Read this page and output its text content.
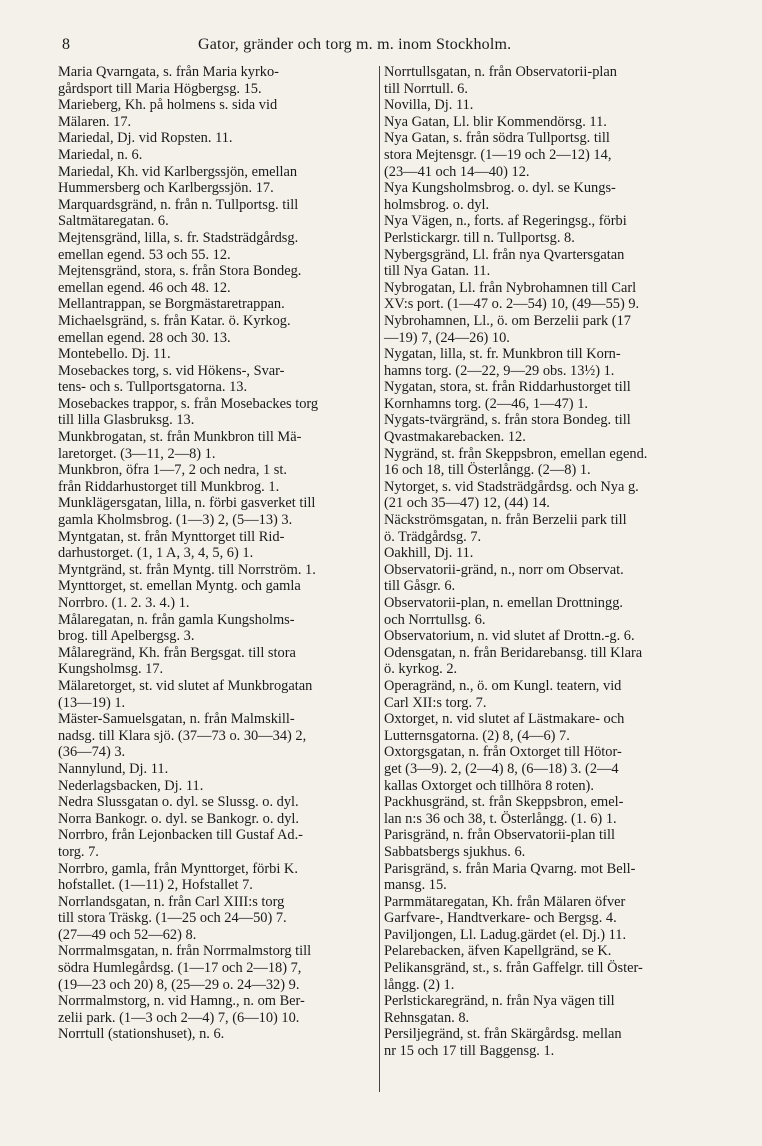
8	Gator, gränder och torg m. m. inom Stockholm.

Maria Qvarngata, s. från Maria kyrko-
gårdsport till Maria Högbergsg. 15.

Marieberg, Kh. på holmens s. sida vid
Mälaren. 17.

Mariedal, Dj. vid Ropsten. 11.

Mariedal, n. 6.

Mariedal, Kh. vid Karlbergssjön, emellan
Hummersberg och Karlbergssjön. 17.

Marquardsgränd, n. från n. Tullportsg. till
Saltmätaregatan. 6.

Mejtensgränd, lilla, s. fr. Stadsträdgårdsg.
emellan egend. 53 och 55. 12.

Mejtensgränd, stora, s. från Stora Bondeg.
emellan egend. 46 och 48. 12.

Mellantrappan, se Borgmästaretrappan.

Michaelsgränd, s. från Katar. ö. Kyrkog.
emellan egend. 28 och 30. 13.

Montebello. Dj. 11.

Mosebackes torg, s. vid Hökens-, Svar-
tens- och s. Tullportsgatorna. 13.

Mosebackes trappor, s. från Mosebackes torg
till lilla Glasbruksg. 13.

Munkbrogatan, st. från Munkbron till Mä-
laretorget. (3—11, 2—8) 1.

Munkbron, öfra 1—7, 2 och nedra, 1 st.
från Riddarhustorget till Munkbrog. 1.

Munklägersgatan, lilla, n. förbi gasverket till
gamla Kholmsbrog. (1—3) 2, (5—13) 3.

Myntgatan, st. från Mynttorget till Rid-
darhustorget. (1, 1 A, 3, 4, 5, 6) 1.

Myntgränd, st. från Myntg. till Norrström. 1.

Mynttorget, st. emellan Myntg. och gamla
Norrbro. (1. 2. 3. 4.) 1.

Målaregatan, n. från gamla Kungsholms-
brog. till Apelbergsg. 3.

Målaregränd, Kh. från Bergsgat. till stora
Kungsholmsg. 17.

Mälaretorget, st. vid slutet af Munkbrogatan
(13—19) 1.

Mäster-Samuelsgatan, n. från Malmskill-
nadsg. till Klara sjö. (37—73 o. 30—34) 2,
(36—74) 3.

Nannylund, Dj. 11.

Nederlagsbacken, Dj. 11.

Nedra Slussgatan o. dyl. se Slussg. o. dyl.

Norra Bankogr. o. dyl. se Bankogr. o. dyl.

Norrbro, från Lejonbacken till Gustaf Ad.-
torg. 7.

Norrbro, gamla, från Mynttorget, förbi K.
hofstallet. (1—11) 2, Hofstallet 7.

Norrlandsgatan, n. från Carl XIII:s torg
till stora Träskg. (1—25 och 24—50) 7.
(27—49 och 52—62) 8.

Norrmalmsgatan, n. från Norrmalmstorg till
södra Humlegårdsg. (1—17 och 2—18) 7,
(19—23 och 20) 8, (25—29 o. 24—32) 9.

Norrmalmstorg, n. vid Hamng., n. om Ber-
zelii park. (1—3 och 2—4) 7, (6—10) 10.

Norrtull (stationshuset), n. 6.

Norrtullsgatan, n. från Observatorii-plan
till Norrtull. 6.

Novilla, Dj. 11.

Nya Gatan, Ll. blir Kommendörsg. 11.

Nya Gatan, s. från södra Tullportsg. till
stora Mejtensgr. (1—19 och 2—12) 14,
(23—41 och 14—40) 12.

Nya Kungsholmsbrog. o. dyl. se Kungs-
holmsbrog. o. dyl.

Nya Vägen, n., forts. af Regeringsg., förbi
Perlstickargr. till n. Tullportsg. 8.

Nybergsgränd, Ll. från nya Qvartersgatan
till Nya Gatan. 11.

Nybrogatan, Ll. från Nybrohamnen till Carl
XV:s port. (1—47 o. 2—54) 10, (49—55) 9.

Nybrohamnen, Ll., ö. om Berzelii park (17
—19) 7, (24—26) 10.

Nygatan, lilla, st. fr. Munkbron till Korn-
hamns torg. (2—22, 9—29 obs. 13½) 1.

Nygatan, stora, st. från Riddarhustorget till
Kornhamns torg. (2—46, 1—47) 1.

Nygats-tvärgränd, s. från stora Bondeg. till
Qvastmakarebacken. 12.

Nygränd, st. från Skeppsbron, emellan egend.
16 och 18, till Österlångg. (2—8) 1.

Nytorget, s. vid Stadsträdgårdsg. och Nya g.
(21 och 35—47) 12, (44) 14.

Näckströmsgatan, n. från Berzelii park till
ö. Trädgårdsg. 7.

Oakhill, Dj. 11.

Observatorii-gränd, n., norr om Observat.
till Gåsgr. 6.

Observatorii-plan, n. emellan Drottningg.
och Norrtullsg. 6.

Observatorium, n. vid slutet af Drottn.-g. 6.

Odensgatan, n. från Beridarebansg. till Klara
ö. kyrkog. 2.

Operagränd, n., ö. om Kungl. teatern, vid
Carl XII:s torg. 7.

Oxtorget, n. vid slutet af Lästmakare- och
Lutternsgatorna. (2) 8, (4—6) 7.

Oxtorgsgatan, n. från Oxtorget till Hötor-
get (3—9). 2, (2—4) 8, (6—18) 3. (2—4
kallas Oxtorget och tillhöra 8 roten).

Packhusgränd, st. från Skeppsbron, emel-
lan n:s 36 och 38, t. Österlångg. (1. 6) 1.

Parisgränd, n. från Observatorii-plan till
Sabbatsbergs sjukhus. 6.

Parisgränd, s. från Maria Qvarng. mot Bell-
mansg. 15.

Parmmätaregatan, Kh. från Mälaren öfver
Garfvare-, Handtverkare- och Bergsg. 4.

Paviljongen, Ll. Ladug.gärdet (el. Dj.) 11.

Pelarebacken, äfven Kapellgränd, se K.

Pelikansgränd, st., s. från Gaffelgr. till Öster-
långg. (2) 1.

Perlstickaregränd, n. från Nya vägen till
Rehnsgatan. 8.

Persiljegränd, st. från Skärgårdsg. mellan
nr 15 och 17 till Baggensg. 1.
